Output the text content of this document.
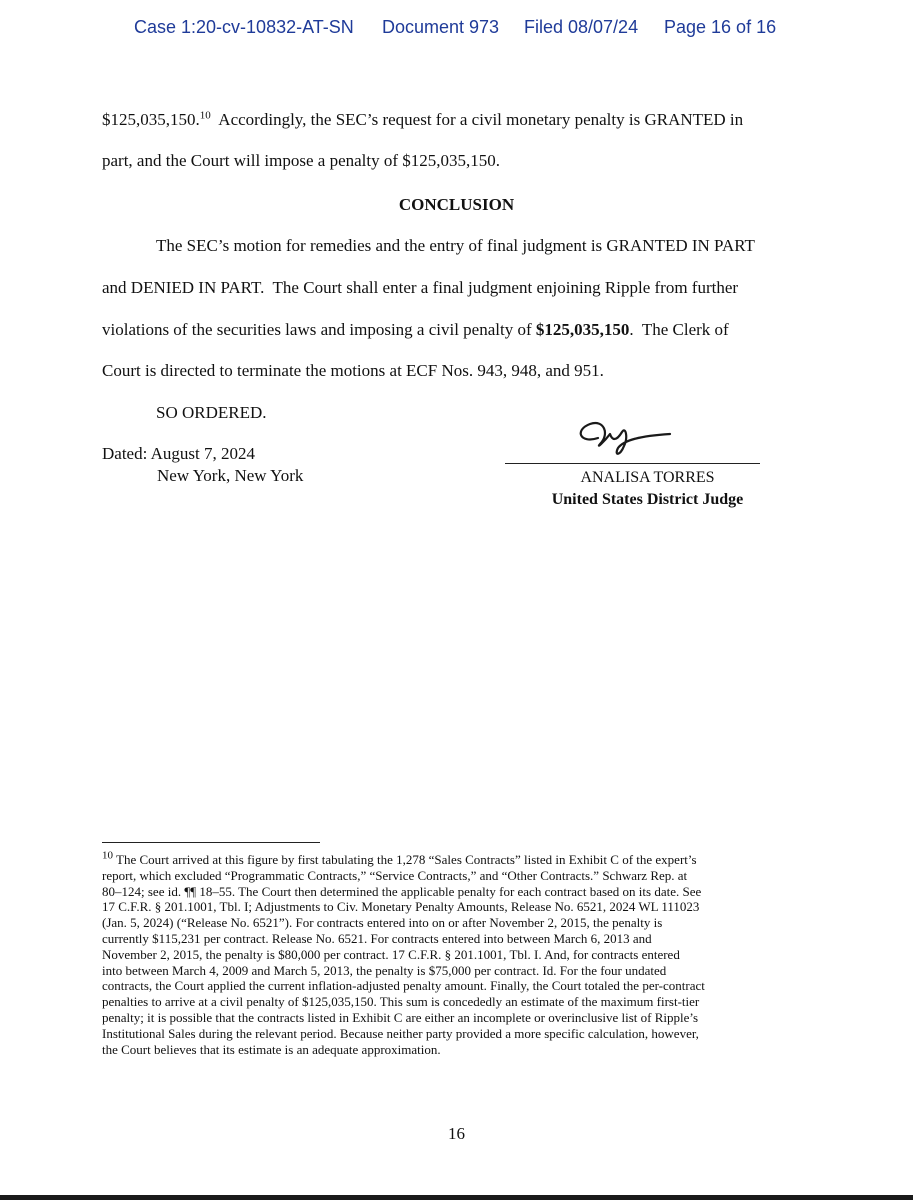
Case 1:20-cv-10832-AT-SN Document 973 Filed 08/07/24 Page 16 of 16
$125,035,150.10  Accordingly, the SEC’s request for a civil monetary penalty is GRANTED in
part, and the Court will impose a penalty of $125,035,150.
CONCLUSION
The SEC’s motion for remedies and the entry of final judgment is GRANTED IN PART
and DENIED IN PART.  The Court shall enter a final judgment enjoining Ripple from further
violations of the securities laws and imposing a civil penalty of $125,035,150.  The Clerk of
Court is directed to terminate the motions at ECF Nos. 943, 948, and 951.
SO ORDERED.
Dated: August 7, 2024
New York, New York	ANALISA TORRES
United States District Judge
$^{10}$ The Court arrived at this figure by first tabulating the 1,278 “Sales Contracts” listed in Exhibit C of the expert’s
report, which excluded “Programmatic Contracts,” “Service Contracts,” and “Other Contracts.” Schwarz Rep. at
80–124; see id. ¶¶ 18–55. The Court then determined the applicable penalty for each contract based on its date. See
17 C.F.R. § 201.1001, Tbl. I; Adjustments to Civ. Monetary Penalty Amounts, Release No. 6521, 2024 WL 111023
(Jan. 5, 2024) (“Release No. 6521”). For contracts entered into on or after November 2, 2015, the penalty is
currently $115,231 per contract. Release No. 6521. For contracts entered into between March 6, 2013 and
November 2, 2015, the penalty is $80,000 per contract. 17 C.F.R. § 201.1001, Tbl. I. And, for contracts entered
into between March 4, 2009 and March 5, 2013, the penalty is $75,000 per contract. Id. For the four undated
contracts, the Court applied the current inflation-adjusted penalty amount. Finally, the Court totaled the per-contract
penalties to arrive at a civil penalty of $125,035,150. This sum is concededly an estimate of the maximum first-tier
penalty; it is possible that the contracts listed in Exhibit C are either an incomplete or overinclusive list of Ripple’s
Institutional Sales during the relevant period. Because neither party provided a more specific calculation, however,
the Court believes that its estimate is an adequate approximation.
16
